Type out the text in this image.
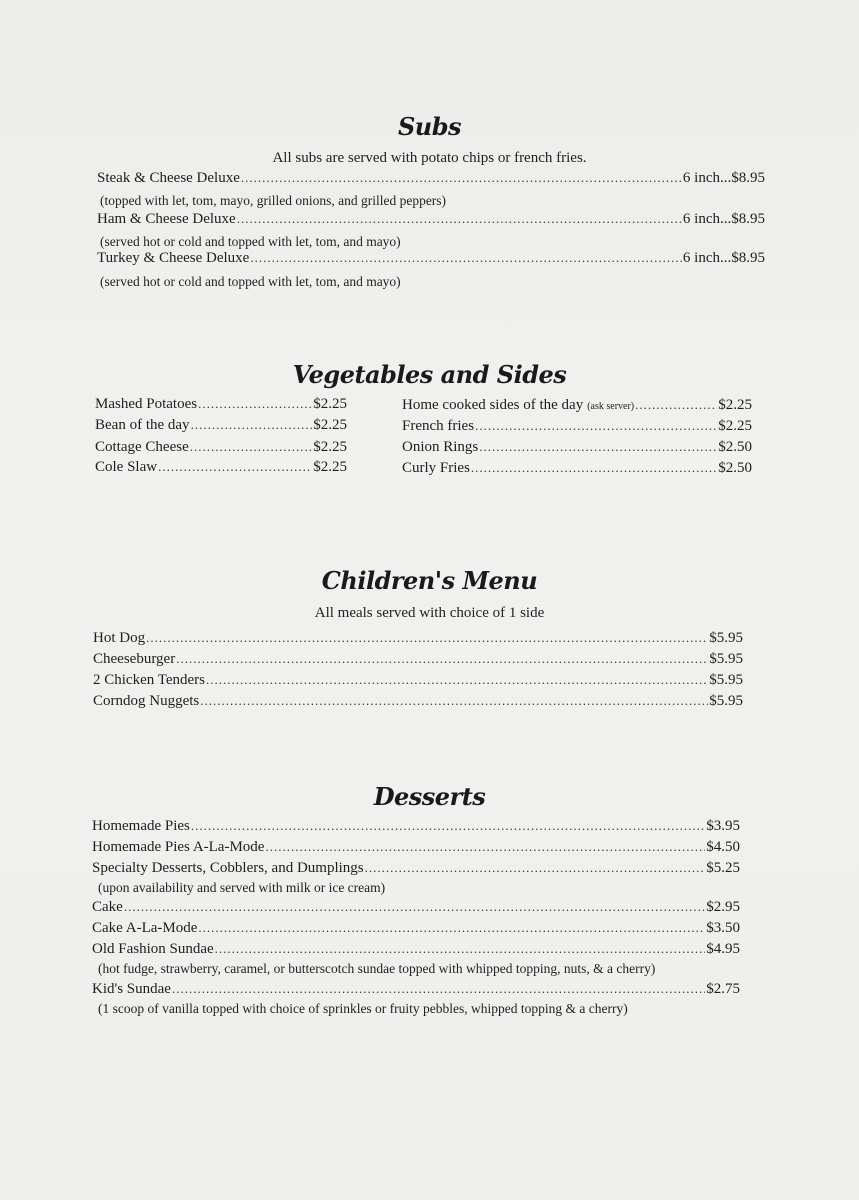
Subs
All subs are served with potato chips or french fries.
Steak & Cheese Deluxe .....	6 inch...$8.95
(topped with let, tom, mayo, grilled onions, and grilled peppers)
Ham & Cheese Deluxe .....	6 inch...$8.95
(served hot or cold and topped with let, tom, and mayo)
Turkey & Cheese Deluxe .....	6 inch...$8.95
(served hot or cold and topped with let, tom, and mayo)
Vegetables and Sides
Mashed Potatoes .....	$2.25
Bean of the day .....	$2.25
Cottage Cheese .....	$2.25
Cole Slaw .....	$2.25
Home cooked sides of the day (ask server) .....	$2.25
French fries .....	$2.25
Onion Rings .....	$2.50
Curly Fries .....	$2.50
Children's Menu
All meals served with choice of 1 side
Hot Dog .....	$5.95
Cheeseburger .....	$5.95
2 Chicken Tenders .....	$5.95
Corndog Nuggets .....	$5.95
Desserts
Homemade Pies .....	$3.95
Homemade Pies A-La-Mode .....	$4.50
Specialty Desserts, Cobblers, and Dumplings .....	$5.25
(upon availability and served with milk or ice cream)
Cake .....	$2.95
Cake A-La-Mode .....	$3.50
Old Fashion Sundae .....	$4.95
(hot fudge, strawberry, caramel, or butterscotch sundae topped with whipped topping, nuts, & a cherry)
Kid's Sundae .....	$2.75
(1 scoop of vanilla topped with choice of sprinkles or fruity pebbles, whipped topping & a cherry)
